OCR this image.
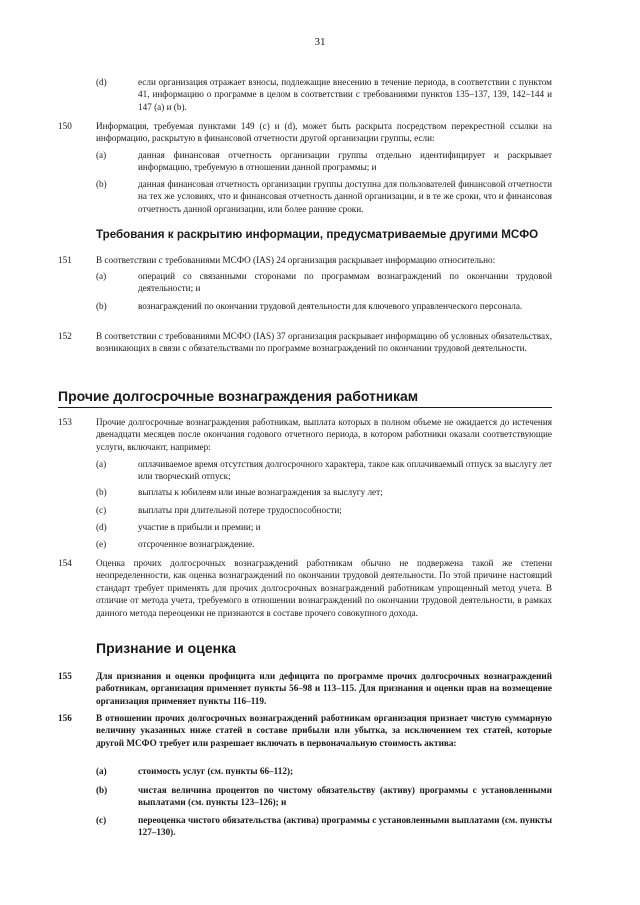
31
(d)	если организация отражает взносы, подлежащие внесению в течение периода, в соответствии с пунктом 41, информацию о программе в целом в соответствии с требованиями пунктов 135–137, 139, 142–144 и 147 (a) и (b).
150	Информация, требуемая пунктами 149 (c) и (d), может быть раскрыта посредством перекрестной ссылки на информацию, раскрытую в финансовой отчетности другой организации группы, если:
(a)	данная финансовая отчетность организации группы отдельно идентифицирует и раскрывает информацию, требуемую в отношении данной программы; и
(b)	данная финансовая отчетность организации группы доступна для пользователей финансовой отчетности на тех же условиях, что и финансовая отчетность данной организации, и в те же сроки, что и финансовая отчетность данной организации, или более ранние сроки.
Требования к раскрытию информации, предусматриваемые другими МСФО
151	В соответствии с требованиями МСФО (IAS) 24 организация раскрывает информацию относительно:
(a)	операций со связанными сторонами по программам вознаграждений по окончании трудовой деятельности; и
(b)	вознаграждений по окончании трудовой деятельности для ключевого управленческого персонала.
152	В соответствии с требованиями МСФО (IAS) 37 организация раскрывает информацию об условных обязательствах, возникающих в связи с обязательствами по программе вознаграждений по окончании трудовой деятельности.
Прочие долгосрочные вознаграждения работникам
153	Прочие долгосрочные вознаграждения работникам, выплата которых в полном объеме не ожидается до истечения двенадцати месяцев после окончания годового отчетного периода, в котором работники оказали соответствующие услуги, включают, например:
(a)	оплачиваемое время отсутствия долгосрочного характера, такое как оплачиваемый отпуск за выслугу лет или творческий отпуск;
(b)	выплаты к юбилеям или иные вознаграждения за выслугу лет;
(c)	выплаты при длительной потере трудоспособности;
(d)	участие в прибыли и премии; и
(e)	отсроченное вознаграждение.
154	Оценка прочих долгосрочных вознаграждений работникам обычно не подвержена такой же степени неопределенности, как оценка вознаграждений по окончании трудовой деятельности. По этой причине настоящий стандарт требует применять для прочих долгосрочных вознаграждений работникам упрощенный метод учета. В отличие от метода учета, требуемого в отношении вознаграждений по окончании трудовой деятельности, в рамках данного метода переоценки не признаются в составе прочего совокупного дохода.
Признание и оценка
155	Для признания и оценки профицита или дефицита по программе прочих долгосрочных вознаграждений работникам, организация применяет пункты 56–98 и 113–115. Для признания и оценки прав на возмещение организация применяет пункты 116–119.
156	В отношении прочих долгосрочных вознаграждений работникам организация признает чистую суммарную величину указанных ниже статей в составе прибыли или убытка, за исключением тех статей, которые другой МСФО требует или разрешает включать в первоначальную стоимость актива:
(a)	стоимость услуг (см. пункты 66–112);
(b)	чистая величина процентов по чистому обязательству (активу) программы с установленными выплатами (см. пункты 123–126); и
(c)	переоценка чистого обязательства (актива) программы с установленными выплатами (см. пункты 127–130).
